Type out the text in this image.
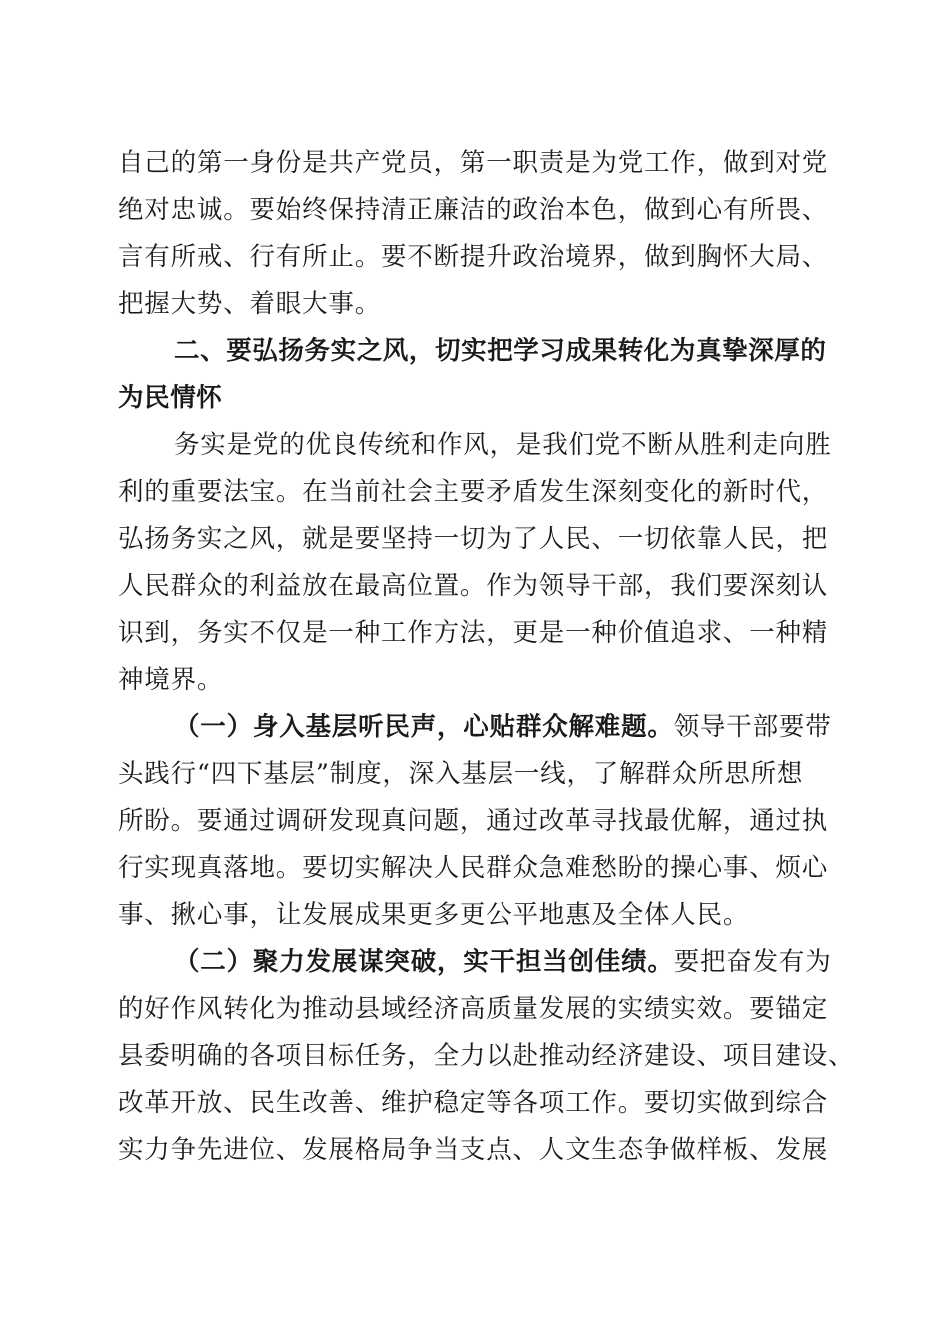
自己的第一身份是共产党员，第一职责是为党工作，做到对党
绝对忠诚。要始终保持清正廉洁的政治本色，做到心有所畏、
言有所戒、行有所止。要不断提升政治境界，做到胸怀大局、
把握大势、着眼大事。
二、要弘扬务实之风，切实把学习成果转化为真挚深厚的
为民情怀
务实是党的优良传统和作风，是我们党不断从胜利走向胜
利的重要法宝。在当前社会主要矛盾发生深刻变化的新时代，
弘扬务实之风，就是要坚持一切为了人民、一切依靠人民，把
人民群众的利益放在最高位置。作为领导干部，我们要深刻认
识到，务实不仅是一种工作方法，更是一种价值追求、一种精
神境界。
（一）身入基层听民声，心贴群众解难题。领导干部要带
头践行“四下基层”制度，深入基层一线，了解群众所思所想
所盼。要通过调研发现真问题，通过改革寻找最优解，通过执
行实现真落地。要切实解决人民群众急难愁盼的操心事、烦心
事、揪心事，让发展成果更多更公平地惠及全体人民。
（二）聚力发展谋突破，实干担当创佳绩。要把奋发有为
的好作风转化为推动县域经济高质量发展的实绩实效。要锚定
县委明确的各项目标任务，全力以赴推动经济建设、项目建设、
改革开放、民生改善、维护稳定等各项工作。要切实做到综合
实力争先进位、发展格局争当支点、人文生态争做样板、发展
